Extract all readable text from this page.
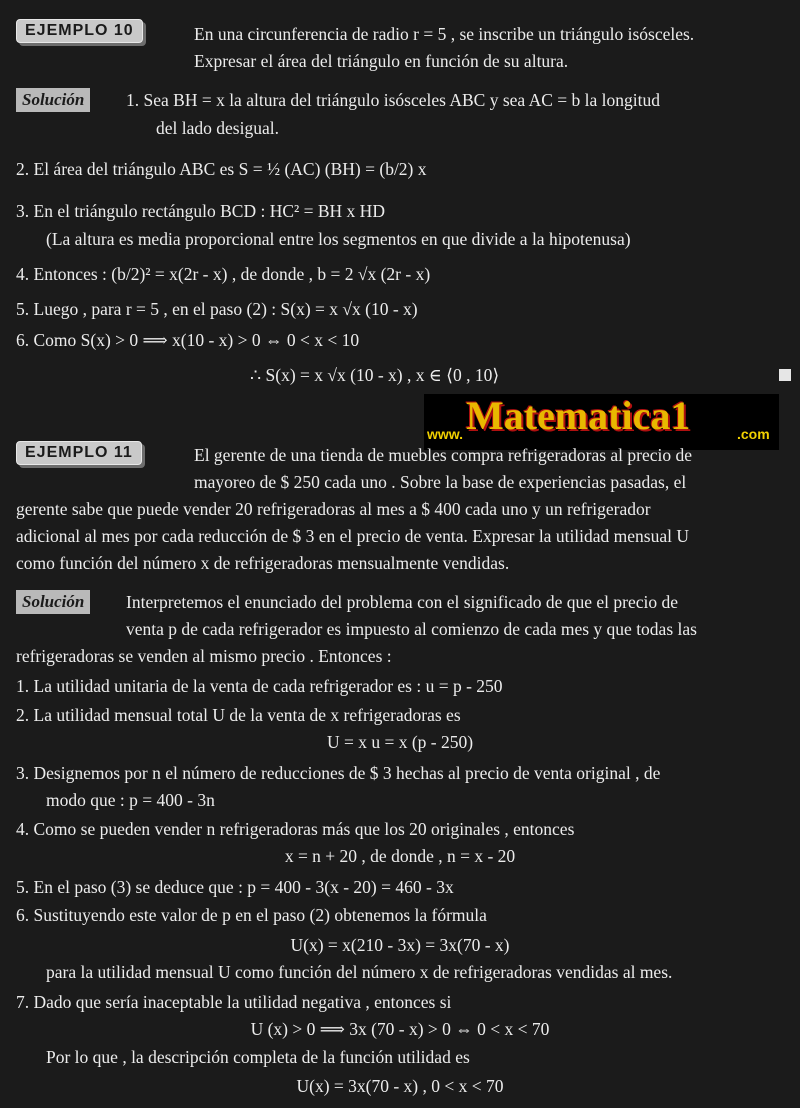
EJEMPLO 10	En una circunferencia de radio r = 5 , se inscribe un triángulo isósceles.
Expresar el área del triángulo en función de su altura.
Solución	1. Sea BH = x la altura del triángulo isósceles ABC y sea AC = b la longitud
del lado desigual.
2. El área del triángulo ABC es S = ½ (AC) (BH) = (b/2) x
3. En el triángulo rectángulo BCD : HC² = BH x HD
(La altura es media proporcional entre los segmentos en que divide a la hipotenusa)
4. Entonces : (b/2)² = x(2r - x) , de donde , b = 2 √x (2r - x)
5. Luego , para r = 5 , en el paso (2) : S(x) = x √x (10 - x)
6. Como S(x) > 0 ⟹ x(10 - x) > 0 ⇔ 0 < x < 10
∴ S(x) = x √x (10 - x) , x ∈ ⟨0 , 10⟩
www. Matematica1	.com
EJEMPLO 11	El gerente de una tienda de muebles compra refrigeradoras al precio de
mayoreo de $ 250 cada uno . Sobre la base de experiencias pasadas, el
gerente sabe que puede vender 20 refrigeradoras al mes a $ 400 cada uno y un refrigerador
adicional al mes por cada reducción de $ 3 en el precio de venta. Expresar la utilidad mensual U
como función del número x de refrigeradoras mensualmente vendidas.
Solución	Interpretemos el enunciado del problema con el significado de que el precio de
venta p de cada refrigerador es impuesto al comienzo de cada mes y que todas las
refrigeradoras se venden al mismo precio . Entonces :
1. La utilidad unitaria de la venta de cada refrigerador es : u = p - 250
2. La utilidad mensual total U de la venta de x refrigeradoras es
U = x u = x (p - 250)
3. Designemos por n el número de reducciones de $ 3 hechas al precio de venta original , de
modo que : p = 400 - 3n
4. Como se pueden vender n refrigeradoras más que los 20 originales , entonces
x = n + 20 , de donde , n = x - 20
5. En el paso (3) se deduce que : p = 400 - 3(x - 20) = 460 - 3x
6. Sustituyendo este valor de p en el paso (2) obtenemos la fórmula
U(x) = x(210 - 3x) = 3x(70 - x)
para la utilidad mensual U como función del número x de refrigeradoras vendidas al mes.
7. Dado que sería inaceptable la utilidad negativa , entonces si
U (x) > 0 ⟹ 3x (70 - x) > 0 ⇔ 0 < x < 70
Por lo que , la descripción completa de la función utilidad es
U(x) = 3x(70 - x) , 0 < x < 70
